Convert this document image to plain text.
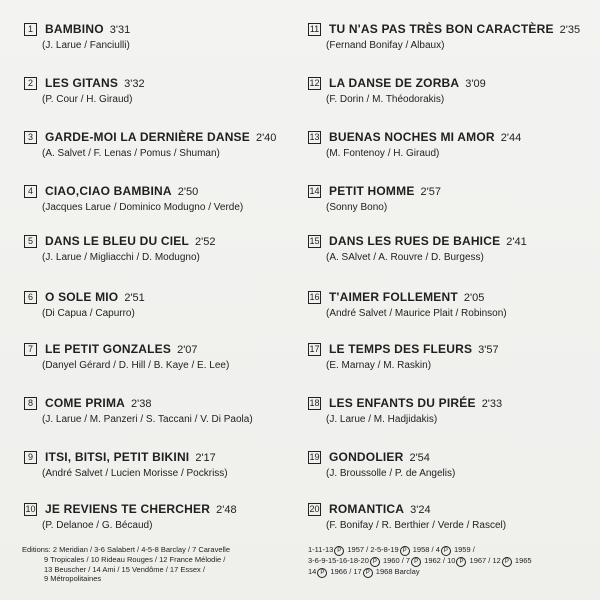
1	BAMBINO 3'31
(J. Larue / Fanciulli)
2	LES GITANS 3'32
(P. Cour / H. Giraud)
3	GARDE-MOI LA DERNIÈRE DANSE 2'40
(A. Salvet / F. Lenas / Pomus / Shuman)
4	CIAO,CIAO BAMBINA 2'50
(Jacques Larue / Dominico Modugno / Verde)
5	DANS LE BLEU DU CIEL 2'52
(J. Larue / Migliacchi / D. Modugno)
6	O SOLE MIO 2'51
(Di Capua / Capurro)
7	LE PETIT GONZALES 2'07
(Danyel Gérard / D. Hill / B. Kaye / E. Lee)
8	COME PRIMA 2'38
(J. Larue / M. Panzeri / S. Taccani / V. Di Paola)
9	ITSI, BITSI, PETIT BIKINI 2'17
(André Salvet / Lucien Morisse / Pockriss)
10 JE REVIENS TE CHERCHER 2'48
(P. Delanoe / G. Bécaud)
11 TU N'AS PAS TRÈS BON CARACTÈRE 2'35
(Fernand Bonifay / Albaux)
12 LA DANSE DE ZORBA 3'09
(F. Dorin / M. Théodorakis)
13 BUENAS NOCHES MI AMOR 2'44
(M. Fontenoy / H. Giraud)
14 PETIT HOMME 2'57
(Sonny Bono)
15 DANS LES RUES DE BAHICE 2'41
(A. SAlvet / A. Rouvre / D. Burgess)
16 T'AIMER FOLLEMENT 2'05
(André Salvet / Maurice Plait / Robinson)
17 LE TEMPS DES FLEURS 3'57
(E. Marnay / M. Raskin)
18 LES ENFANTS DU PIRÉE 2'33
(J. Larue / M. Hadjidakis)
19 GONDOLIER 2'54
(J. Broussolle / P. de Angelis)
20 ROMANTICA 3'24
(F. Bonifay / R. Berthier / Verde / Rascel)
Editions: 2 Meridian / 3-6 Salabert / 4-5-8 Barclay / 7 Caravelle
9 Tropicales / 10 Rideau Rouges / 12 France Mélodie /
13 Beuscher / 14 Ami / 15 Vendôme / 17 Essex /
9 Métropolitaines
1-11-13 P 1957 / 2-5-8-19 P 1958 / 4 P 1959 /
3-6-9-15-16-18-20 P 1960 / 7 P 1962 / 10 P 1967 / 12 P 1965
14 P 1966 / 17 P 1968 Barclay
